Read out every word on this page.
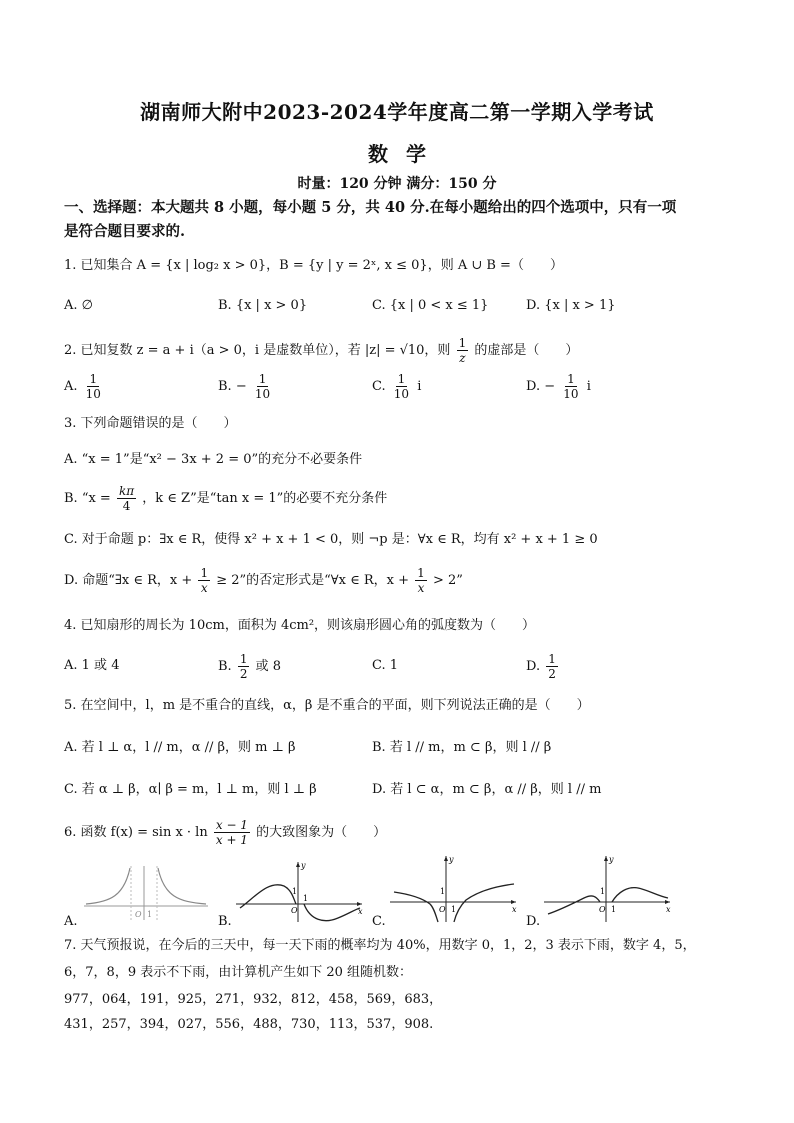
湖南师大附中2023-2024学年度高二第一学期入学考试
数学
时量：120 分钟 满分：150 分
一、选择题：本大题共 8 小题，每小题 5 分，共 40 分.在每小题给出的四个选项中，只有一项
是符合题目要求的.
1. 已知集合 A = {x | log₂ x > 0}，B = {y | y = 2ˣ, x ≤ 0}，则 A ∪ B =（　　）
A. ∅	B. {x | x > 0}	C. {x | 0 < x ≤ 1}	D. {x | x > 1}
2. 已知复数 z = a + i（a > 0，i 是虚数单位），若 |z| = √10，则 $\frac{1}{z}$ 的虚部是（　　）
A. $\frac{1}{10}$	B. − $\frac{1}{10}$	C. $\frac{1}{10}$ i	D. − $\frac{1}{10}$ i
3. 下列命题错误的是（　　）
A. “x = 1”是“x² − 3x + 2 = 0”的充分不必要条件
B. “$x = \frac{k\pi}{4}$ ，k ∈ Z”是“tan x = 1”的必要不充分条件
C. 对于命题 p：∃x ∈ R，使得 x² + x + 1 < 0，则 ¬p 是：∀x ∈ R，均有 x² + x + 1 ≥ 0
D. 命题“∃x ∈ R，$x + \frac{1}{x} \ge 2$”的否定形式是“∀x ∈ R，$x + \frac{1}{x} > 2$”
4. 已知扇形的周长为 10cm，面积为 4cm²，则该扇形圆心角的弧度数为（　　）
A. 1 或 4	B. $\frac{1}{2}$ 或 8	C. 1	D. $\frac{1}{2}$
5. 在空间中，l，m 是不重合的直线，α，β 是不重合的平面，则下列说法正确的是（　　）
A. 若 l ⊥ α，l // m，α // β，则 m ⊥ β	B. 若 l // m，m ⊂ β，则 l // β
C. 若 α ⊥ β，α∣ β = m，l ⊥ m，则 l ⊥ β	D. 若 l ⊂ α，m ⊂ β，α // β，则 l // m
6. 函数 $f(x) = \sin x \cdot \ln \frac{x - 1}{x + 1}$ 的大致图象为（　　）
A.	O 1	B.
O
1
1
x
y
C.
O 1
1
x
y
D.
O 1
1
x
y
7. 天气预报说，在今后的三天中，每一天下雨的概率均为 40%，用数字 0，1，2，3 表示下雨，数字 4，5，
6，7，8，9 表示不下雨，由计算机产生如下 20 组随机数：
977，064，191，925，271，932，812，458，569，683，
431，257，394，027，556，488，730，113，537，908.
